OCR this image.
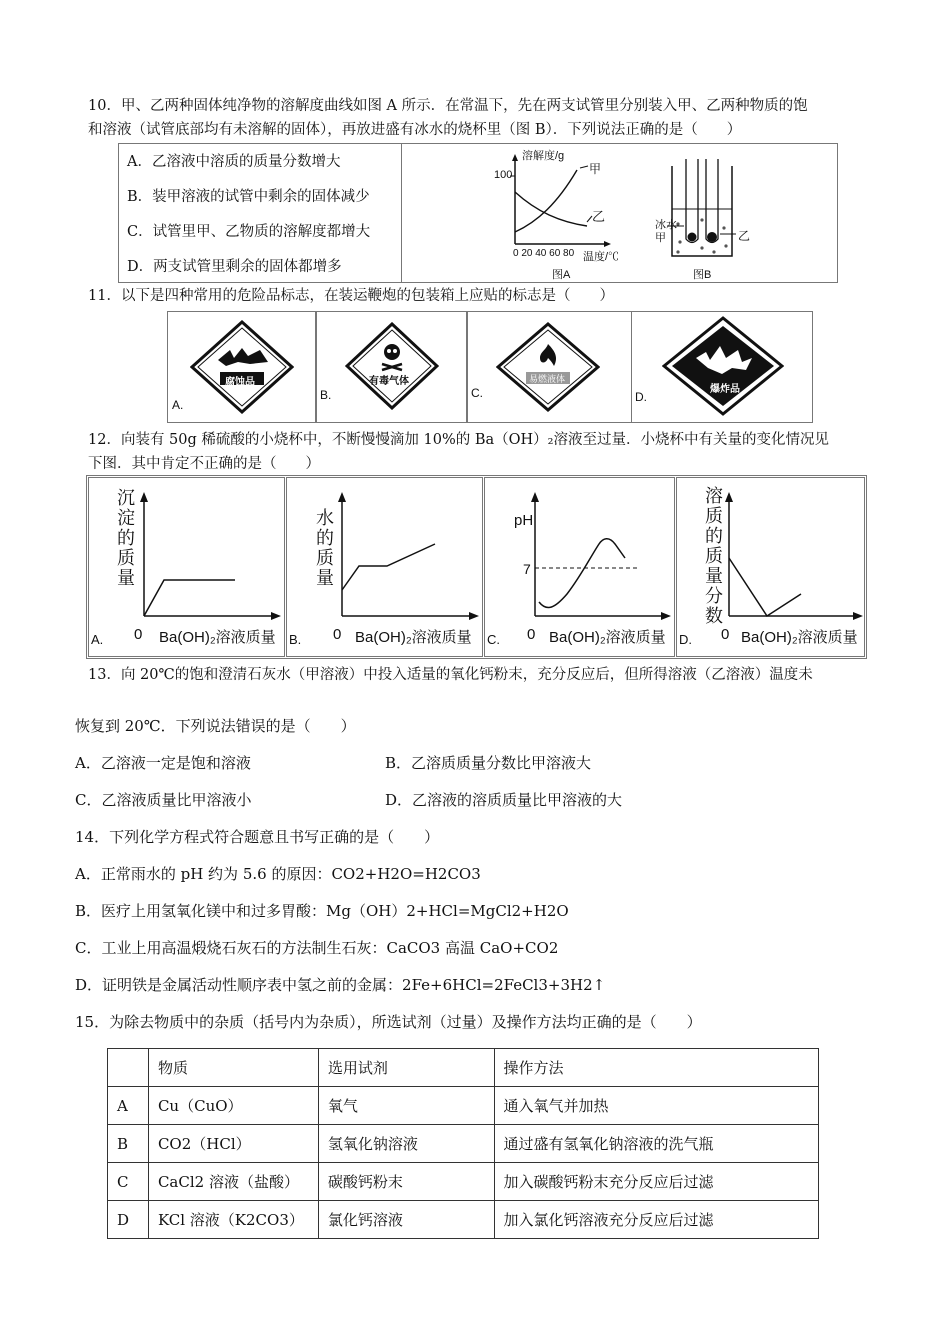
10．甲、乙两种固体纯净物的溶解度曲线如图 A 所示．在常温下，先在两支试管里分别装入甲、乙两种物质的饱
和溶液（试管底部均有未溶解的固体），再放进盛有冰水的烧杯里（图 B）．下列说法正确的是（　　）
A．乙溶液中溶质的质量分数增大
B．装甲溶液的试管中剩余的固体减少
C．试管里甲、乙物质的溶解度都增大
D．两支试管里剩余的固体都增多
溶解度/g
100	甲
乙
0 20 40 60 80 温度/℃
图A
冰水
甲	乙
图B
11．以下是四种常用的危险品标志，在装运鞭炮的包装箱上应贴的标志是（　　）
腐蚀品
A.
有毒气体
B.
易燃液体
C.	爆炸品
D.
12．向装有 50g 稀硫酸的小烧杯中，不断慢慢滴加 10%的 Ba（OH）₂溶液至过量．小烧杯中有关量的变化情况见
下图．其中肯定不正确的是（　　）
沉淀的质量
A. 0 Ba(OH)₂溶液质量
水的质量
B. 0 Ba(OH)₂溶液质量
pH
7
C. 0 Ba(OH)₂溶液质量
溶质的质量分数
D. 0 Ba(OH)₂溶液质量
13．向 20℃的饱和澄清石灰水（甲溶液）中投入适量的氧化钙粉末，充分反应后，但所得溶液（乙溶液）温度未
恢复到 20℃．下列说法错误的是（　　）
A．乙溶液一定是饱和溶液	B．乙溶质质量分数比甲溶液大
C．乙溶液质量比甲溶液小	D．乙溶液的溶质质量比甲溶液的大
14．下列化学方程式符合题意且书写正确的是（　　）
A．正常雨水的 pH 约为 5.6 的原因：CO2+H2O=H2CO3
B．医疗上用氢氧化镁中和过多胃酸：Mg（OH）2+HCl=MgCl2+H2O
C．工业上用高温煅烧石灰石的方法制生石灰：CaCO3 高温 CaO+CO2
D．证明铁是金属活动性顺序表中氢之前的金属：2Fe+6HCl=2FeCl3+3H2↑
15．为除去物质中的杂质（括号内为杂质），所选试剂（过量）及操作方法均正确的是（　　）
	物质	选用试剂	操作方法
A	Cu（CuO）	氧气	通入氧气并加热
B	CO2（HCl）	氢氧化钠溶液	通过盛有氢氧化钠溶液的洗气瓶
C	CaCl2 溶液（盐酸）	碳酸钙粉末	加入碳酸钙粉末充分反应后过滤
D	KCl 溶液（K2CO3）	氯化钙溶液	加入氯化钙溶液充分反应后过滤
